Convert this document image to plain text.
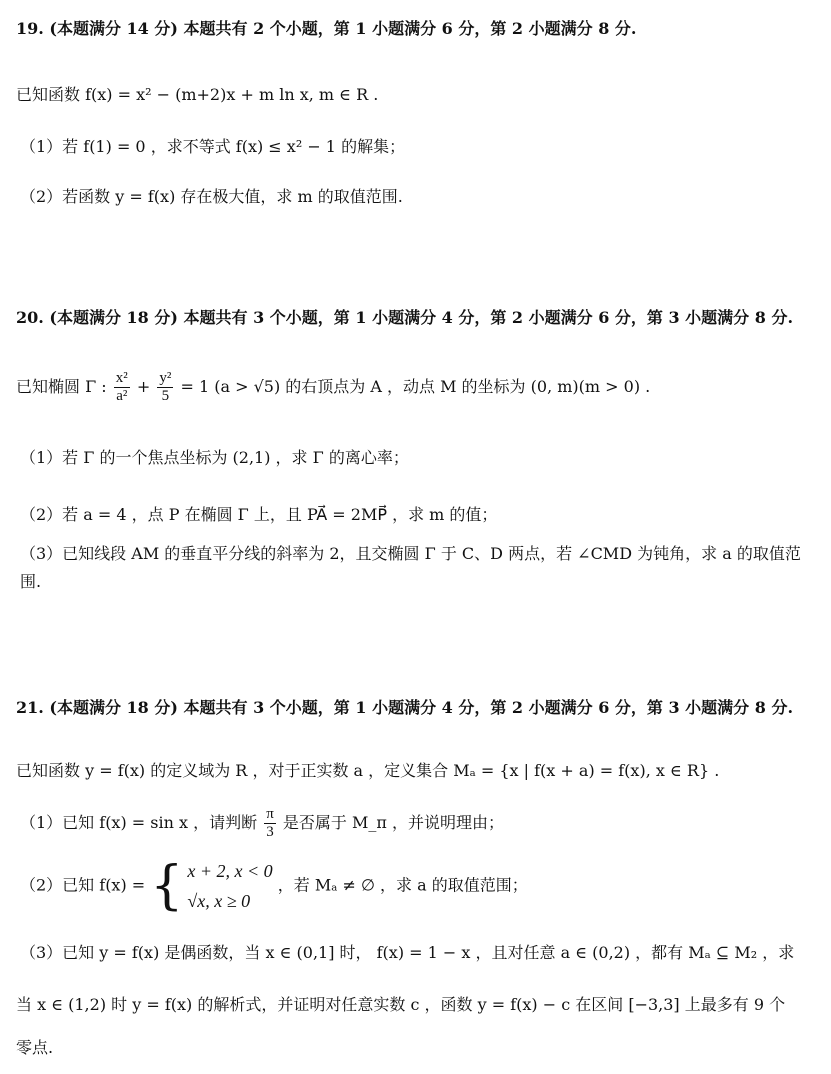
19. (本题满分 14 分) 本题共有 2 个小题，第 1 小题满分 6 分，第 2 小题满分 8 分.
已知函数 f(x) = x² − (m+2)x + m ln x, m ∈ R .
（1）若 f(1) = 0 ，求不等式 f(x) ≤ x² − 1 的解集；
（2）若函数 y = f(x) 存在极大值，求 m 的取值范围.
20. (本题满分 18 分) 本题共有 3 个小题，第 1 小题满分 4 分，第 2 小题满分 6 分，第 3 小题满分 8 分.
已知椭圆 Γ : $\frac{\text{x²}}{\text{a²}} + \frac{\text{y²}}{5} = 1$ (a > √5) 的右顶点为 A ，动点 M 的坐标为 (0, m)(m > 0) .
（1）若 Γ 的一个焦点坐标为 (2,1) ，求 Γ 的离心率；
（2）若 a = 4 ，点 P 在椭圆 Γ 上，且 PA⃗ = 2MP⃗ ，求 m 的值；
（3）已知线段 AM 的垂直平分线的斜率为 2，且交椭圆 Γ 于 C、D 两点，若 ∠CMD 为钝角，求 a 的取值范围.
21. (本题满分 18 分) 本题共有 3 个小题，第 1 小题满分 4 分，第 2 小题满分 6 分，第 3 小题满分 8 分.
已知函数 y = f(x) 的定义域为 R ，对于正实数 a ，定义集合 Mₐ = {x | f(x + a) = f(x), x ∈ R} .
（1）已知 f(x) = sin x ，请判断 $\frac{\pi}{3}$ 是否属于 M_π ，并说明理由；
（2）已知 f(x) = { x + 2, x < 0
√x, x ≥ 0
，若 Mₐ ≠ ∅ ，求 a 的取值范围；
（3）已知 y = f(x) 是偶函数，当 x ∈ (0,1] 时， f(x) = 1 − x ，且对任意 a ∈ (0,2) ，都有 Mₐ ⊆ M₂ ，求
当 x ∈ (1,2) 时 y = f(x) 的解析式，并证明对任意实数 c ，函数 y = f(x) − c 在区间 [−3,3] 上最多有 9 个
零点.
